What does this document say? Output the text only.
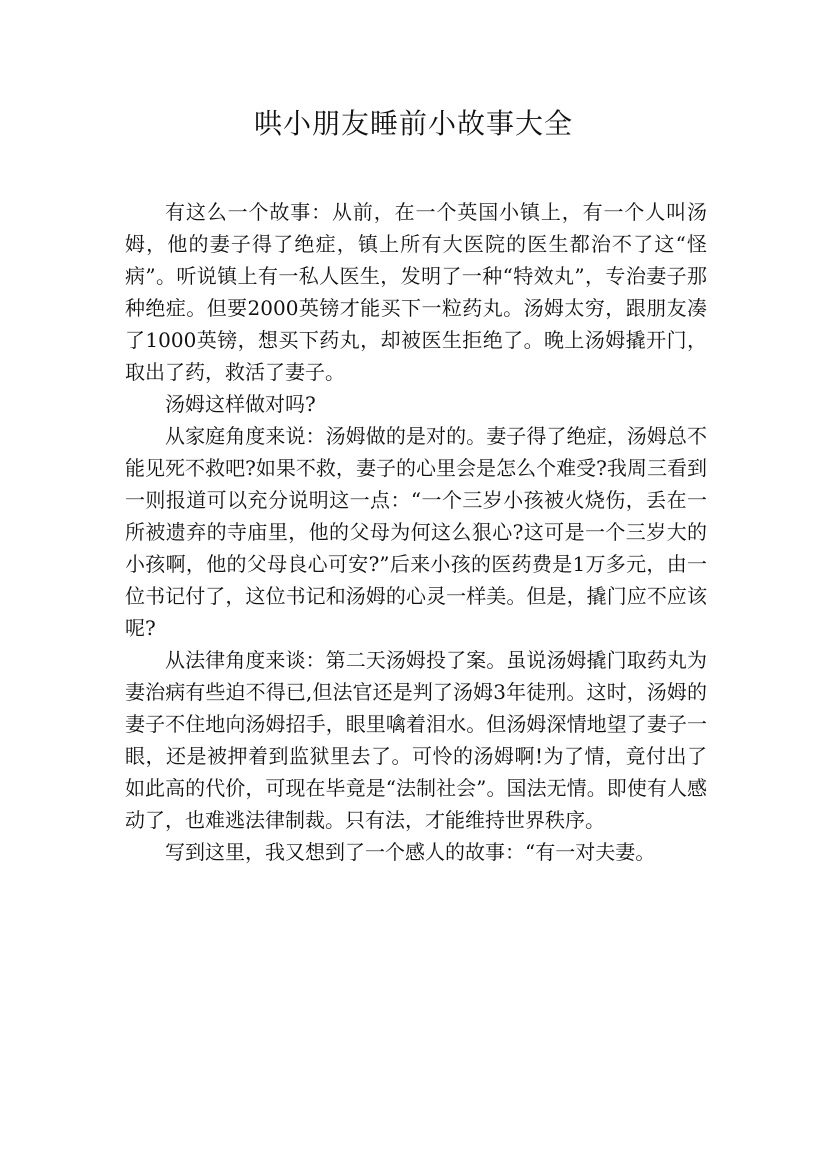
哄小朋友睡前小故事大全

有这么一个故事：从前，在一个英国小镇上，有一个人叫汤姆，他的妻子得了绝症，镇上所有大医院的医生都治不了这“怪病”。听说镇上有一私人医生，发明了一种“特效丸”，专治妻子那种绝症。但要2000英镑才能买下一粒药丸。汤姆太穷，跟朋友凑了1000英镑，想买下药丸，却被医生拒绝了。晚上汤姆撬开门，取出了药，救活了妻子。

汤姆这样做对吗?

从家庭角度来说：汤姆做的是对的。妻子得了绝症，汤姆总不能见死不救吧?如果不救，妻子的心里会是怎么个难受?我周三看到一则报道可以充分说明这一点：“一个三岁小孩被火烧伤，丢在一所被遗弃的寺庙里，他的父母为何这么狠心?这可是一个三岁大的小孩啊，他的父母良心可安?”后来小孩的医药费是1万多元，由一位书记付了，这位书记和汤姆的心灵一样美。但是，撬门应不应该呢?

从法律角度来谈：第二天汤姆投了案。虽说汤姆撬门取药丸为妻治病有些迫不得已,但法官还是判了汤姆3年徒刑。这时，汤姆的妻子不住地向汤姆招手，眼里噙着泪水。但汤姆深情地望了妻子一眼，还是被押着到监狱里去了。可怜的汤姆啊!为了情，竟付出了如此高的代价，可现在毕竟是“法制社会”。国法无情。即使有人感动了，也难逃法律制裁。只有法，才能维持世界秩序。

写到这里，我又想到了一个感人的故事：“有一对夫妻。
